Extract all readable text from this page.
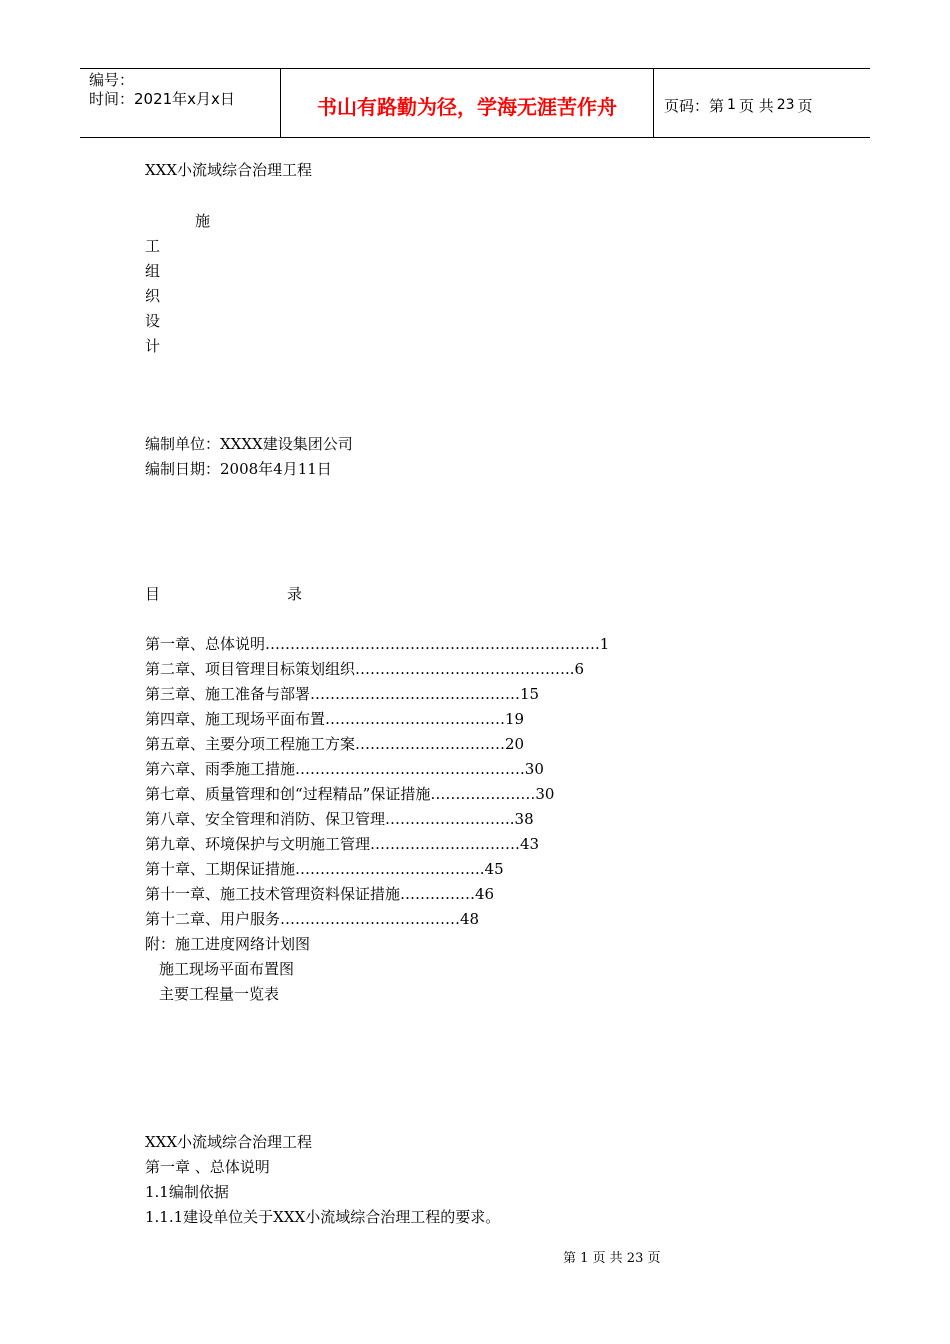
编号：
时间：2021年x月x日	书山有路勤为径，学海无涯苦作舟	页码：第 1 页 共 23 页
XXX小流域综合治理工程
施
工
组
织
设
计
编制单位：XXXX建设集团公司
编制日期：2008年4月11日
目	录
第一章、总体说明………………………………………………………….1
第二章、项目管理目标策划组织……………………………………..6
第三章、施工准备与部署……………………………………15
第四章、施工现场平面布置………………………………19
第五章、主要分项工程施工方案…………………………20
第六章、雨季施工措施……………………………………….30
第七章、质量管理和创“过程精品”保证措施…………………30
第八章、安全管理和消防、保卫管理……………………..38
第九章、环境保护与文明施工管理…………………………43
第十章、工期保证措施………………………………..45
第十一章、施工技术管理资料保证措施……………46
第十二章、用户服务………………………………48
附：施工进度网络计划图
施工现场平面布置图
主要工程量一览表
XXX小流域综合治理工程
第一章 、总体说明
1.1编制依据
1.1.1建设单位关于XXX小流域综合治理工程的要求。
第 1 页 共 23 页
